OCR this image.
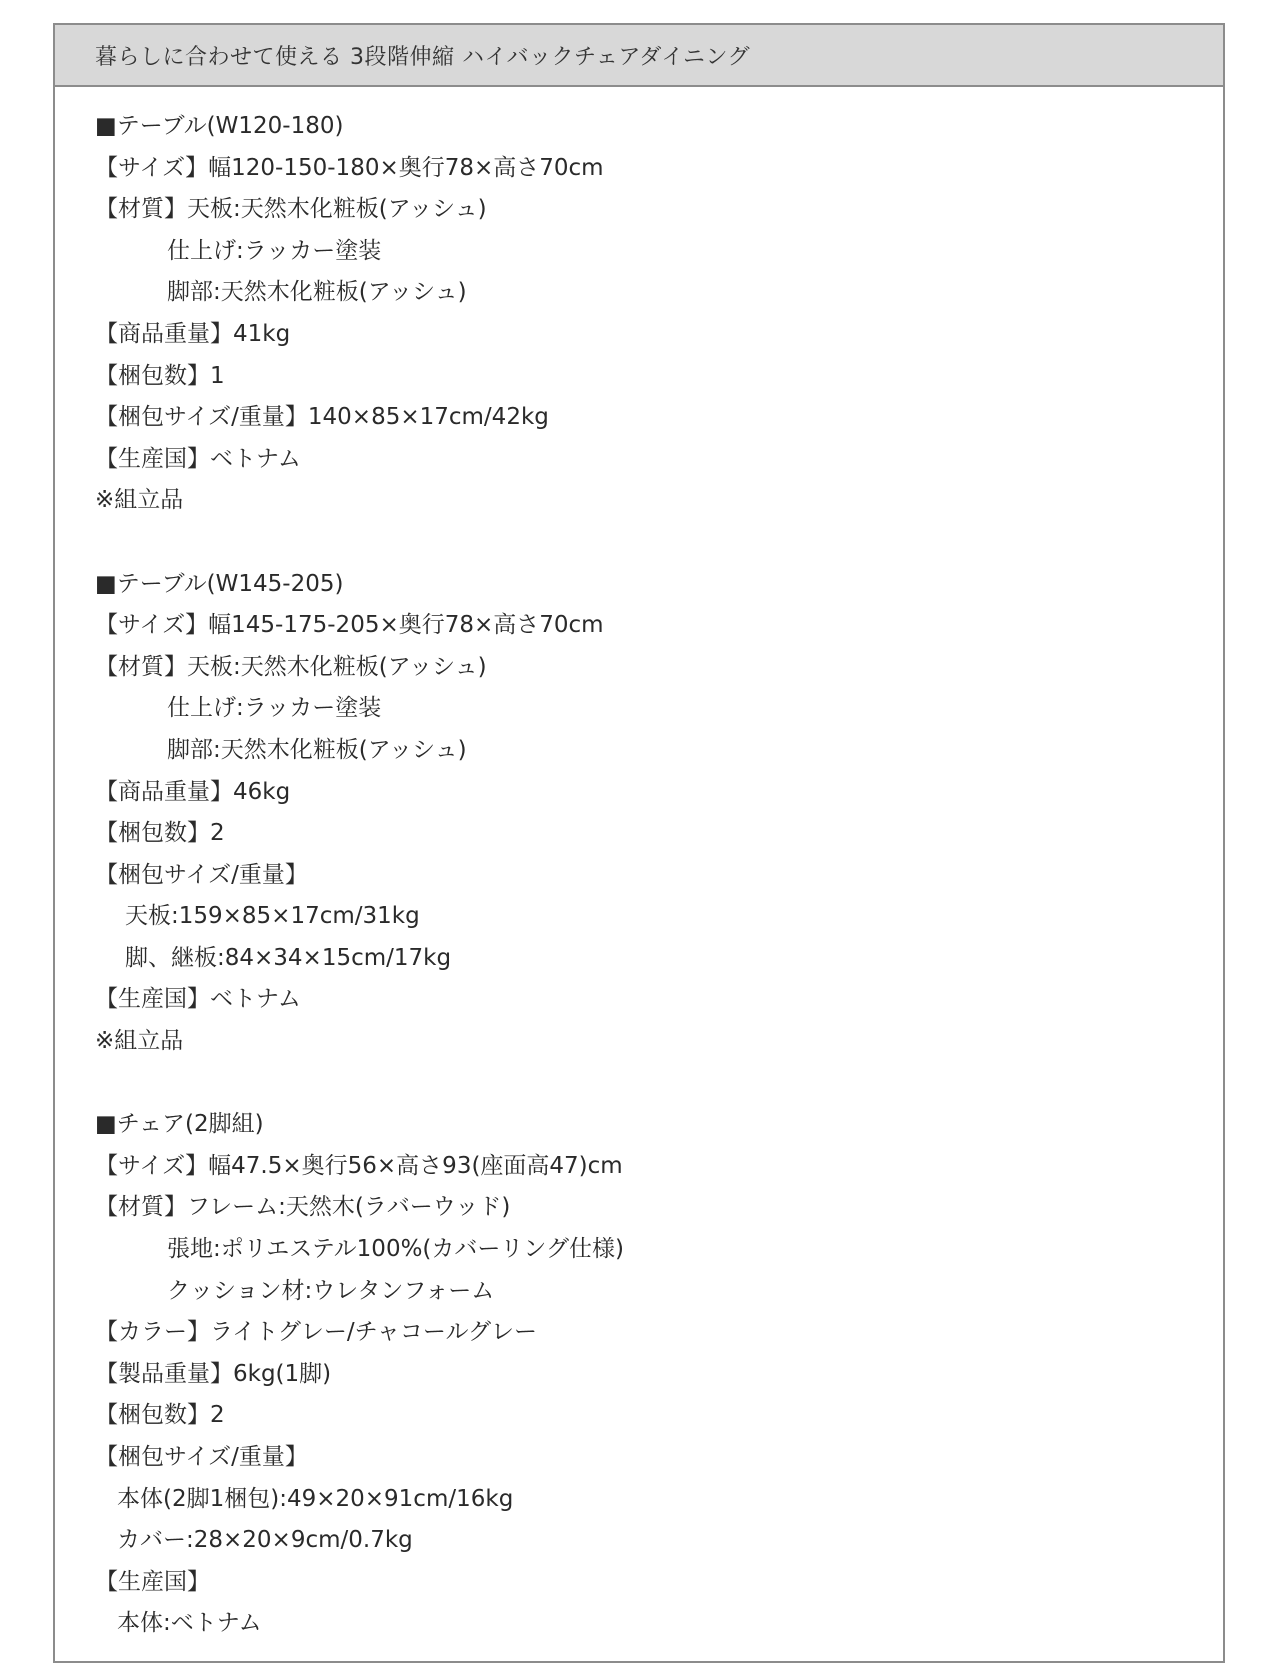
暮らしに合わせて使える 3段階伸縮 ハイバックチェアダイニング
■テーブル(W120-180)
【サイズ】幅120-150-180×奥行78×高さ70cm
【材質】天板:天然木化粧板(アッシュ)
仕上げ:ラッカー塗装
脚部:天然木化粧板(アッシュ)
【商品重量】41kg
【梱包数】1
【梱包サイズ/重量】140×85×17cm/42kg
【生産国】ベトナム
※組立品
■テーブル(W145-205)
【サイズ】幅145-175-205×奥行78×高さ70cm
【材質】天板:天然木化粧板(アッシュ)
仕上げ:ラッカー塗装
脚部:天然木化粧板(アッシュ)
【商品重量】46kg
【梱包数】2
【梱包サイズ/重量】
天板:159×85×17cm/31kg
脚、継板:84×34×15cm/17kg
【生産国】ベトナム
※組立品
■チェア(2脚組)
【サイズ】幅47.5×奥行56×高さ93(座面高47)cm
【材質】フレーム:天然木(ラバーウッド)
張地:ポリエステル100%(カバーリング仕様)
クッション材:ウレタンフォーム
【カラー】ライトグレー/チャコールグレー
【製品重量】6kg(1脚)
【梱包数】2
【梱包サイズ/重量】
本体(2脚1梱包):49×20×91cm/16kg
カバー:28×20×9cm/0.7kg
【生産国】
本体:ベトナム
